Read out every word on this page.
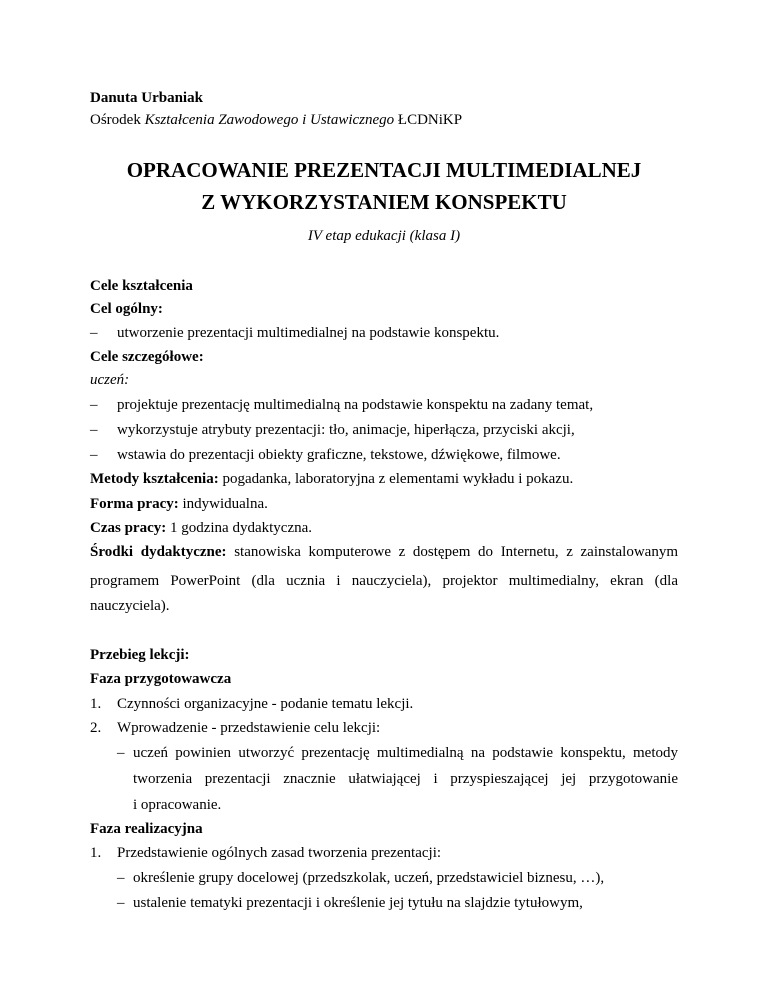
Danuta Urbaniak
Ośrodek Kształcenia Zawodowego i Ustawicznego ŁCDNiKP
OPRACOWANIE PREZENTACJI MULTIMEDIALNEJ
Z WYKORZYSTANIEM KONSPEKTU
IV etap edukacji (klasa I)
Cele kształcenia
Cel ogólny:
– utworzenie prezentacji multimedialnej na podstawie konspektu.
Cele szczegółowe:
uczeń:
– projektuje prezentację multimedialną na podstawie konspektu na zadany temat,
– wykorzystuje atrybuty prezentacji: tło, animacje, hiperłącza, przyciski akcji,
– wstawia do prezentacji obiekty graficzne, tekstowe, dźwiękowe, filmowe.
Metody kształcenia: pogadanka, laboratoryjna z elementami wykładu i pokazu.
Forma pracy: indywidualna.
Czas pracy: 1 godzina dydaktyczna.
Środki dydaktyczne: stanowiska komputerowe z dostępem do Internetu, z zainstalowanym
programem PowerPoint (dla ucznia i nauczyciela), projektor multimedialny, ekran (dla
nauczyciela).
Przebieg lekcji:
Faza przygotowawcza
1. Czynności organizacyjne - podanie tematu lekcji.
2. Wprowadzenie - przedstawienie celu lekcji:
– uczeń powinien utworzyć prezentację multimedialną na podstawie konspektu, metody
tworzenia prezentacji znacznie ułatwiającej i przyspieszającej jej przygotowanie
i opracowanie.
Faza realizacyjna
1. Przedstawienie ogólnych zasad tworzenia prezentacji:
– określenie grupy docelowej (przedszkolak, uczeń, przedstawiciel biznesu, …),
– ustalenie tematyki prezentacji i określenie jej tytułu na slajdzie tytułowym,
